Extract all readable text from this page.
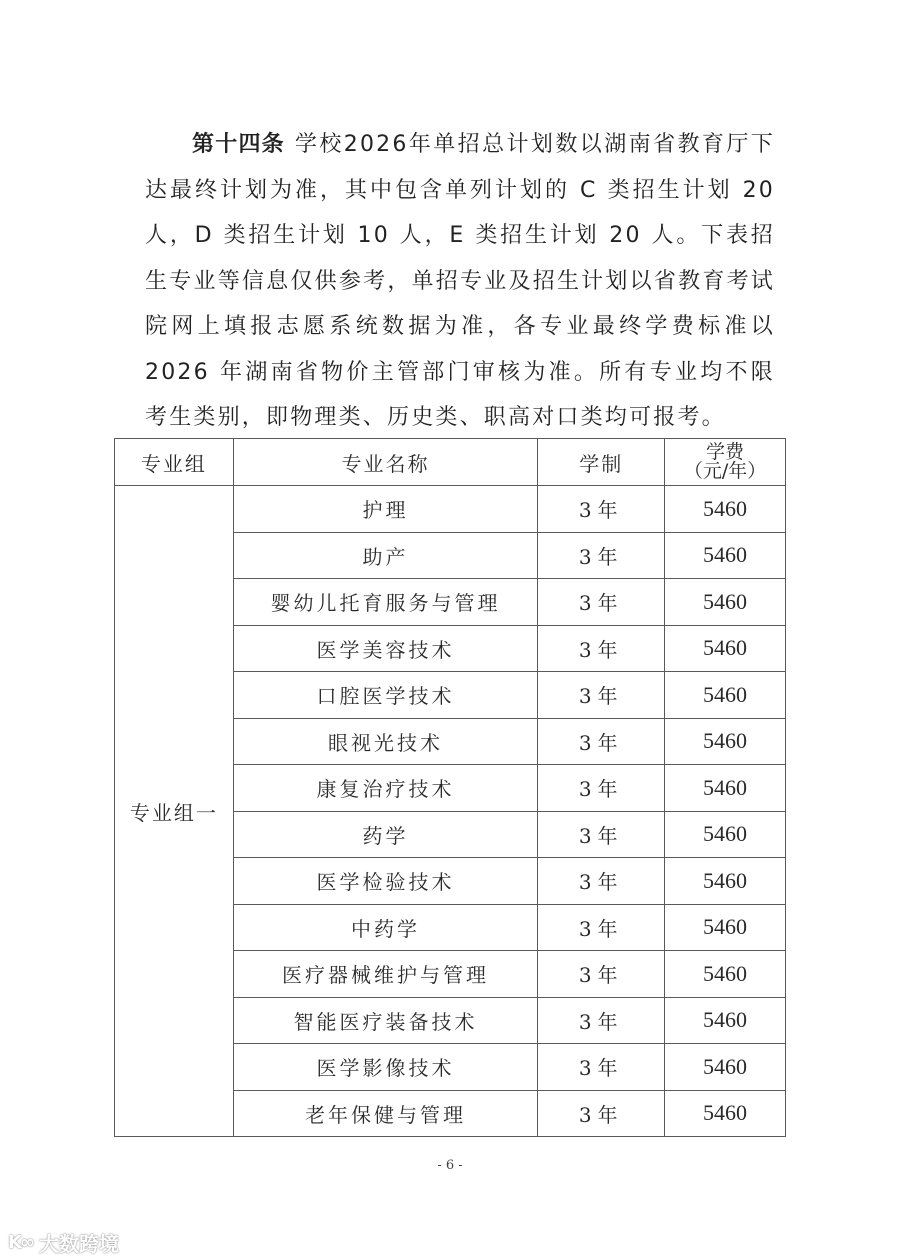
第十四条 学校2026年单招总计划数以湖南省教育厅下达最终计划为准，其中包含单列计划的 C 类招生计划 20 人，D 类招生计划 10 人，E 类招生计划 20 人。下表招生专业等信息仅供参考，单招专业及招生计划以省教育考试院网上填报志愿系统数据为准，各专业最终学费标准以 2026 年湖南省物价主管部门审核为准。所有专业均不限考生类别，即物理类、历史类、职高对口类均可报考。
专业组	专业名称	学制	学费
（元/年）

专业组一	护理	3年	5460
	助产	3年	5460
	婴幼儿托育服务与管理	3年	5460
	医学美容技术	3年	5460
	口腔医学技术	3年	5460
	眼视光技术	3年	5460
	康复治疗技术	3年	5460
	药学	3年	5460
	医学检验技术	3年	5460
	中药学	3年	5460
	医疗器械维护与管理	3年	5460
	智能医疗装备技术	3年	5460
	医学影像技术	3年	5460
	老年保健与管理	3年	5460
- 6 -
K∞ 大数跨境
